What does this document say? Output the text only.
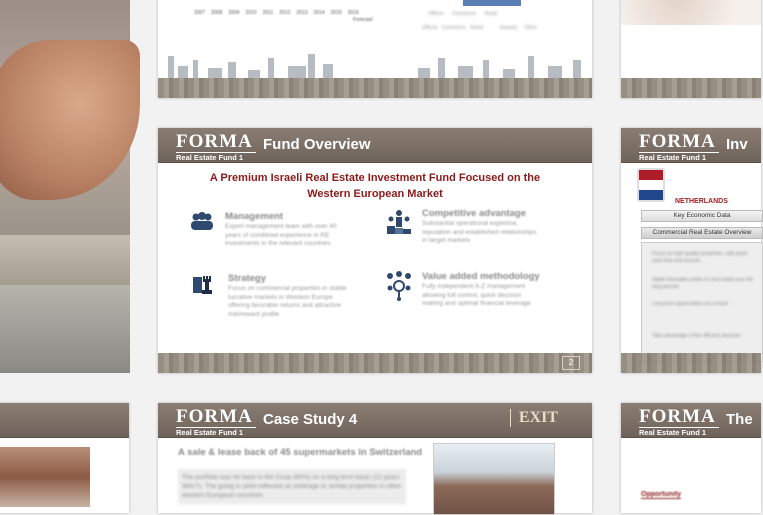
2007 2008 2009 2010 2011 2012 2013 2014 2015 2016
Forecast
Offices Commerce Retail
Offices Commerce Retail	Industry Other
FORMA
Real Estate Fund 1
Fund Overview
A Premium Israeli Real Estate Investment Fund Focused on the
Western European Market
Management
Expert management team with over 40 years of combined experience in RE investments in the relevant countries
Competitive advantage
Substantial operational expertise, reputation and established relationships in target markets
Strategy
Focus on commercial properties in stable lucrative markets in Western Europe offering favorable returns and attractive risk/reward profile
Value added methodology
Fully independent A-Z management allowing full control, quick decision making and optimal financial leverage
2
FORMA
Real Estate Fund 1
Inv
NETHERLANDS
Key Economic Data
Commercial Real Estate Overview
Focus on high quality properties, with good cash flow and tenants
Stable favorable yields on real estate over the long periods
Long term appreciation as a result
Take advantage of the efficient structure
FORMA
Real Estate Fund 1
Case Study 4	EXIT
A sale & lease back of 45 supermarkets in Switzerland
The portfolio was let back to the Coop (80%) on a long term basis (12 years WALT). The going in yield reflected an arbitrage to similar properties in other western European countries
FORMA
Real Estate Fund 1
The
Opportunity
